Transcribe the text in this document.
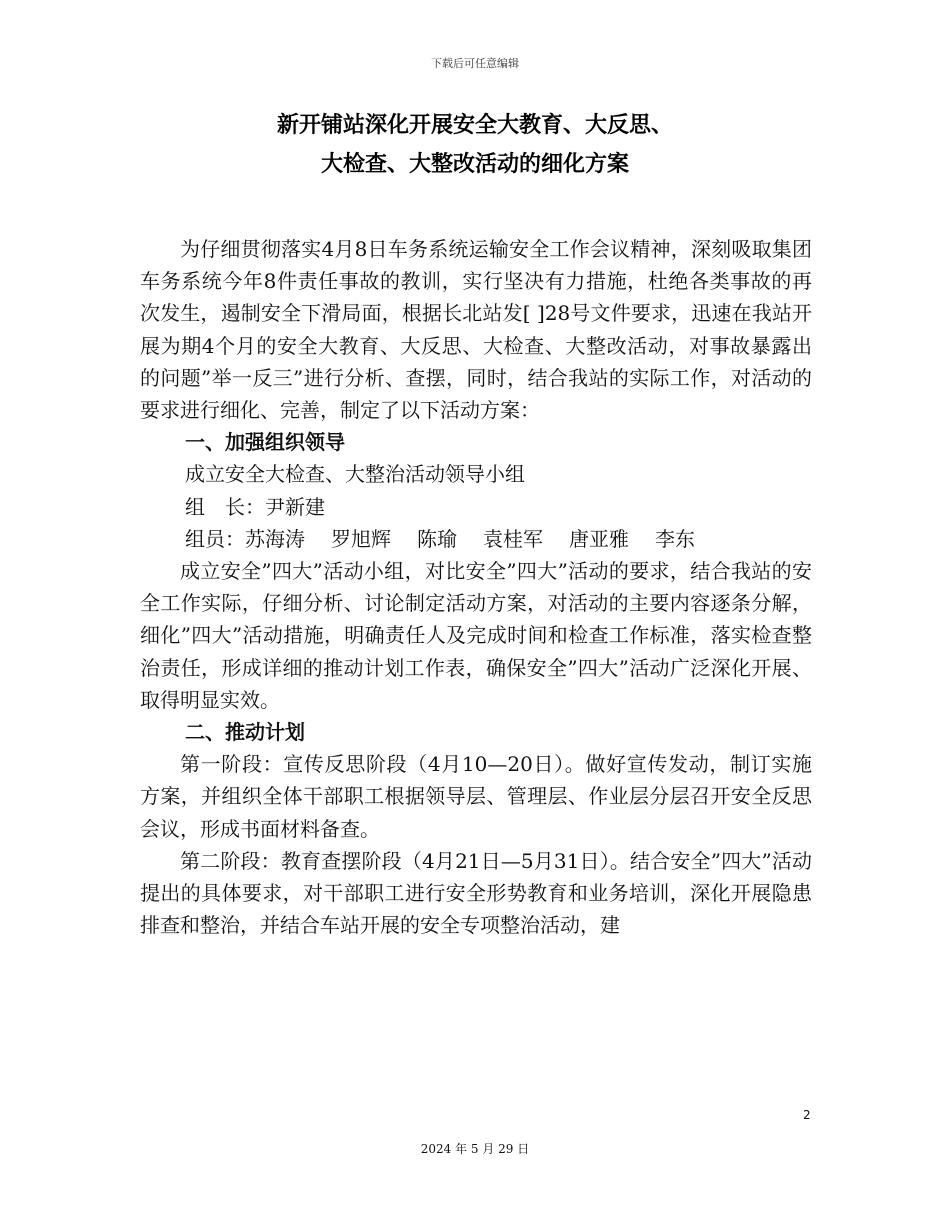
下载后可任意编辑
新开铺站深化开展安全大教育、大反思、
大检查、大整改活动的细化方案

为仔细贯彻落实4月8日车务系统运输安全工作会议精神，深刻吸取集团车务系统今年8件责任事故的教训，实行坚决有力措施，杜绝各类事故的再次发生，遏制安全下滑局面，根据长北站发[ ]28号文件要求，迅速在我站开展为期4个月的安全大教育、大反思、大检查、大整改活动，对事故暴露出的问题”举一反三”进行分析、查摆，同时，结合我站的实际工作，对活动的要求进行细化、完善，制定了以下活动方案：

一、加强组织领导

成立安全大检查、大整治活动领导小组

组　长：尹新建

组员：苏海涛 罗旭辉 陈瑜 袁桂军 唐亚雅 李东

成立安全”四大”活动小组，对比安全”四大”活动的要求，结合我站的安全工作实际，仔细分析、讨论制定活动方案，对活动的主要内容逐条分解，细化”四大”活动措施，明确责任人及完成时间和检查工作标准，落实检查整治责任，形成详细的推动计划工作表，确保安全”四大”活动广泛深化开展、取得明显实效。

二、推动计划

第一阶段：宣传反思阶段（4月10—20日）。做好宣传发动，制订实施方案，并组织全体干部职工根据领导层、管理层、作业层分层召开安全反思会议，形成书面材料备查。

第二阶段：教育查摆阶段（4月21日—5月31日）。结合安全”四大”活动提出的具体要求，对干部职工进行安全形势教育和业务培训，深化开展隐患排查和整治，并结合车站开展的安全专项整治活动，建

2
2024 年 5 月 29 日
